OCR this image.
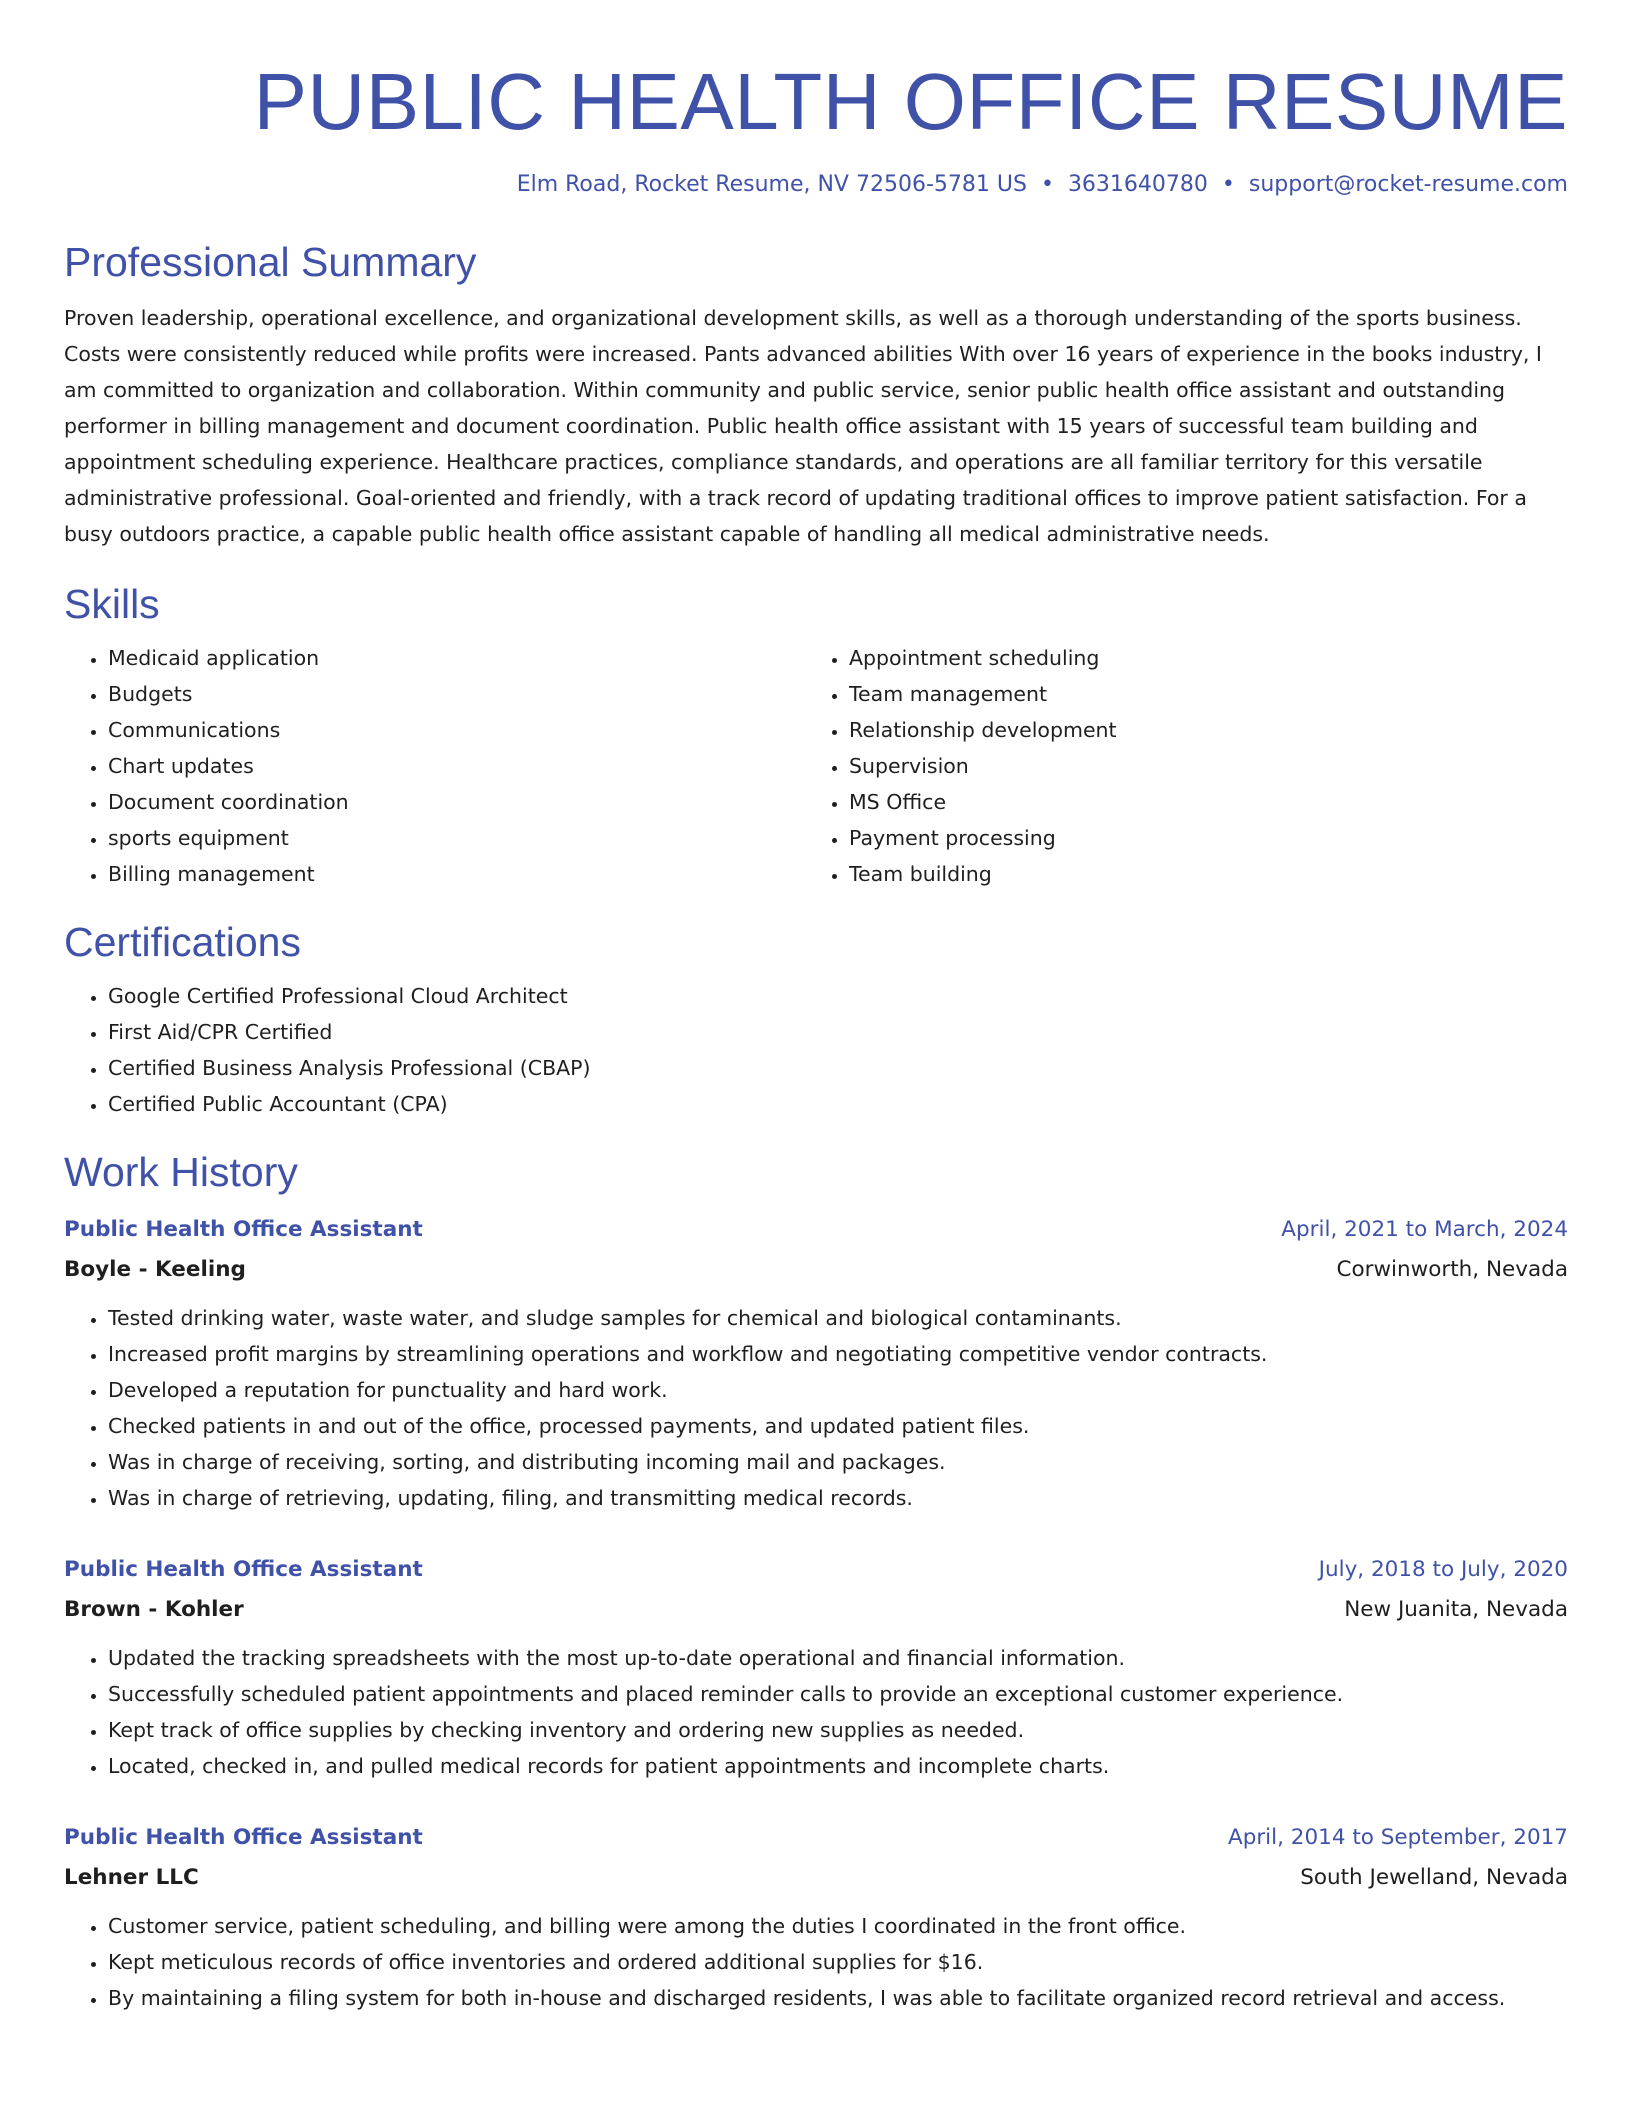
PUBLIC HEALTH OFFICE RESUME
Elm Road, Rocket Resume, NV 72506-5781 US • 3631640780 • support@rocket-resume.com
Professional Summary

Proven leadership, operational excellence, and organizational development skills, as well as a thorough understanding of the sports business. Costs were consistently reduced while profits were increased. Pants advanced abilities With over 16 years of experience in the books industry, I am committed to organization and collaboration. Within community and public service, senior public health office assistant and outstanding performer in billing management and document coordination. Public health office assistant with 15 years of successful team building and appointment scheduling experience. Healthcare practices, compliance standards, and operations are all familiar territory for this versatile administrative professional. Goal-oriented and friendly, with a track record of updating traditional offices to improve patient satisfaction. For a busy outdoors practice, a capable public health office assistant capable of handling all medical administrative needs.

Skills
• Medicaid application
• Budgets
• Communications
• Chart updates
• Document coordination
• sports equipment
• Billing management
• Appointment scheduling
• Team management
• Relationship development
• Supervision
• MS Office
• Payment processing
• Team building
Certifications
• Google Certified Professional Cloud Architect
• First Aid/CPR Certified
• Certified Business Analysis Professional (CBAP)
• Certified Public Accountant (CPA)
Work History
Public Health Office Assistant	April, 2021 to March, 2024
Boyle - Keeling	Corwinworth, Nevada
• Tested drinking water, waste water, and sludge samples for chemical and biological contaminants.
• Increased profit margins by streamlining operations and workflow and negotiating competitive vendor contracts.
• Developed a reputation for punctuality and hard work.
• Checked patients in and out of the office, processed payments, and updated patient files.
• Was in charge of receiving, sorting, and distributing incoming mail and packages.
• Was in charge of retrieving, updating, filing, and transmitting medical records.
Public Health Office Assistant	July, 2018 to July, 2020
Brown - Kohler	New Juanita, Nevada
• Updated the tracking spreadsheets with the most up-to-date operational and financial information.
• Successfully scheduled patient appointments and placed reminder calls to provide an exceptional customer experience.
• Kept track of office supplies by checking inventory and ordering new supplies as needed.
• Located, checked in, and pulled medical records for patient appointments and incomplete charts.
Public Health Office Assistant	April, 2014 to September, 2017
Lehner LLC	South Jewelland, Nevada
• Customer service, patient scheduling, and billing were among the duties I coordinated in the front office.
• Kept meticulous records of office inventories and ordered additional supplies for $16.
• By maintaining a filing system for both in-house and discharged residents, I was able to facilitate organized record retrieval and access.
